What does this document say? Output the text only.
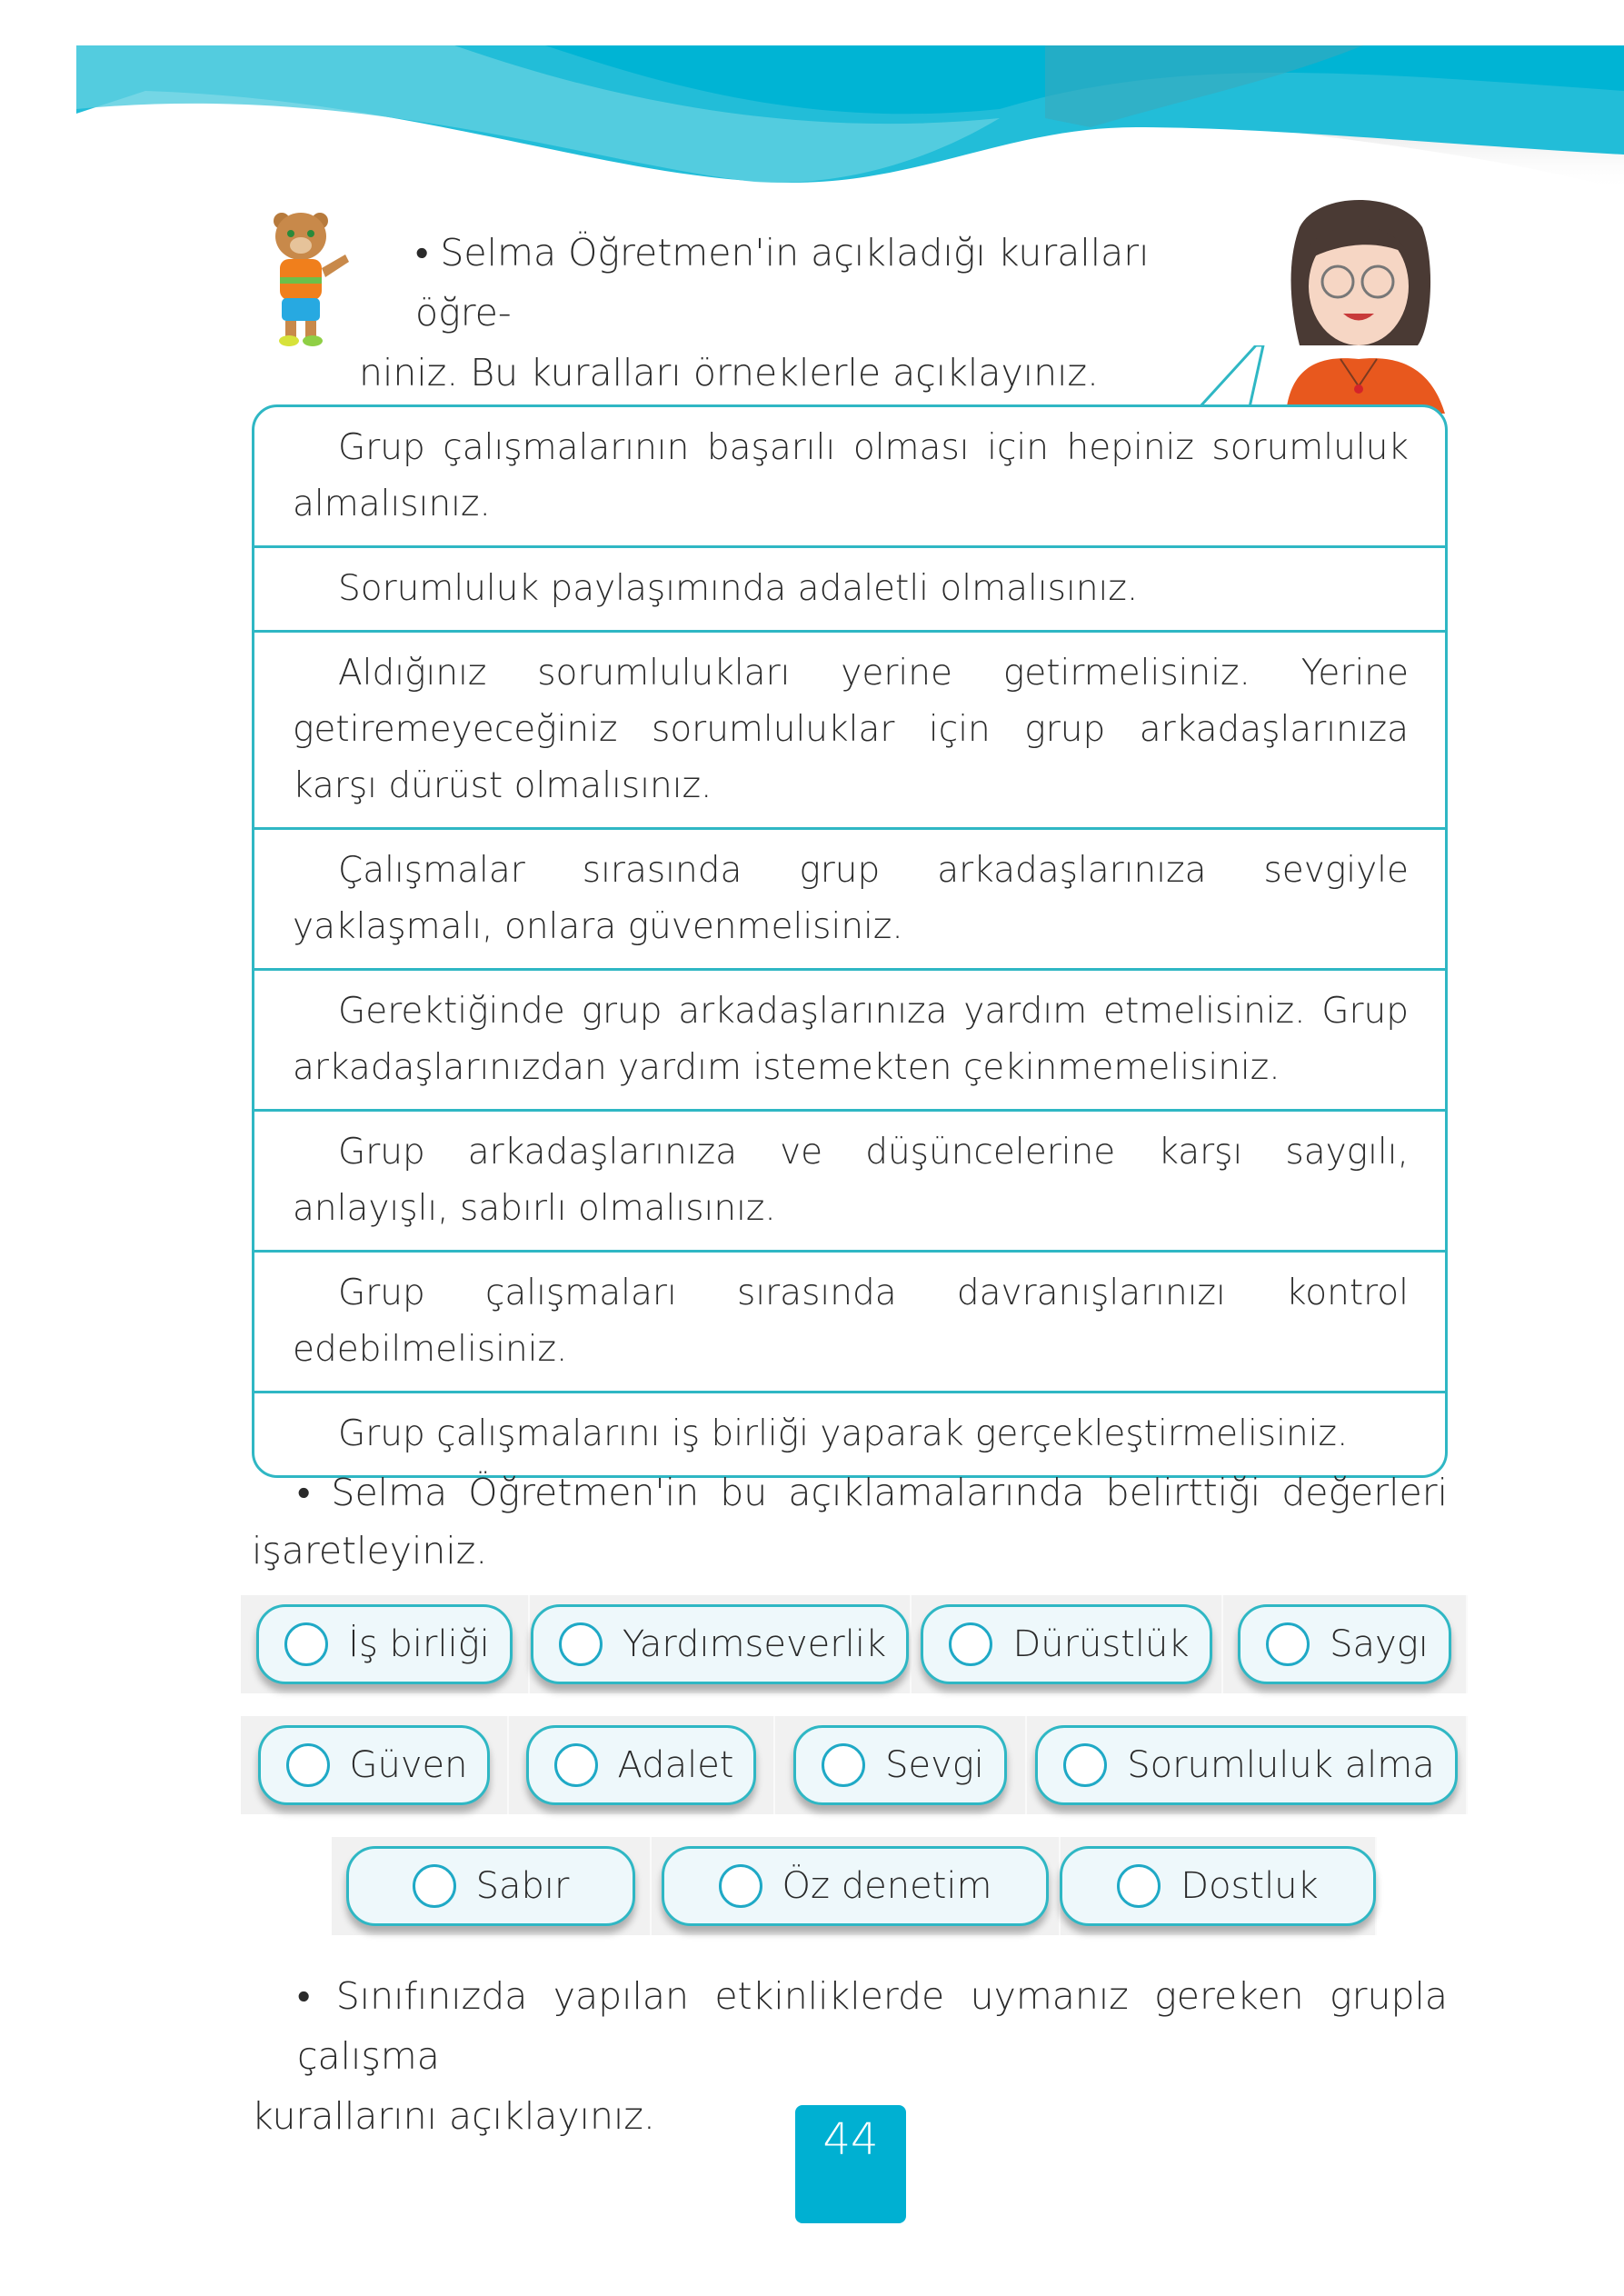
• Selma Öğretmen'in açıkladığı kuralları öğre-
niniz. Bu kuralları örneklerle açıklayınız.
Grup çalışmalarının başarılı olması için hepiniz sorumluluk almalısınız.
Sorumluluk paylaşımında adaletli olmalısınız.
Aldığınız sorumlulukları yerine getirmelisiniz. Yerine getiremeyeceğiniz sorumluluklar için grup arkadaşlarınıza karşı dürüst olmalısınız.
Çalışmalar sırasında grup arkadaşlarınıza sevgiyle yaklaşmalı, onlara güvenmelisiniz.
Gerektiğinde grup arkadaşlarınıza yardım etmelisiniz. Grup arkadaşlarınızdan yardım istemekten çekinmemelisiniz.
Grup arkadaşlarınıza ve düşüncelerine karşı saygılı, anlayışlı, sabırlı olmalısınız.
Grup çalışmaları sırasında davranışlarınızı kontrol edebilmelisiniz.
Grup çalışmalarını iş birliği yaparak gerçekleştirmelisiniz.
• Selma Öğretmen'in bu açıklamalarında belirttiği değerleri işaretleyiniz.
İş birliği	Yardımseverlik	Dürüstlük	Saygı
Güven	Adalet	Sevgi	Sorumluluk alma
Sabır	Öz denetim	Dostluk
• Sınıfınızda yapılan etkinliklerde uymanız gereken grupla çalışma
kurallarını açıklayınız.	44
